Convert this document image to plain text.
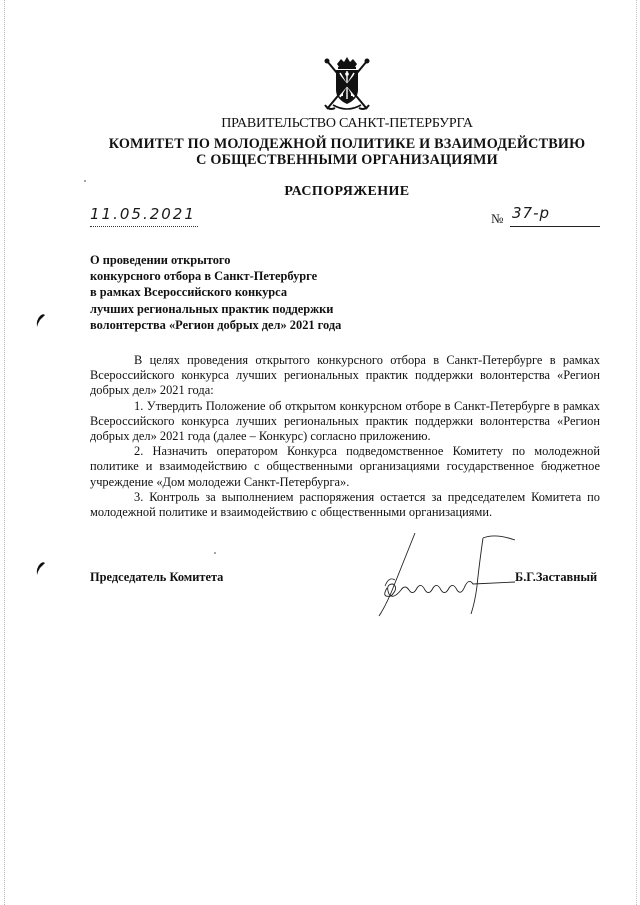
ПРАВИТЕЛЬСТВО САНКТ-ПЕТЕРБУРГА
КОМИТЕТ ПО МОЛОДЕЖНОЙ ПОЛИТИКЕ И ВЗАИМОДЕЙСТВИЮ
С ОБЩЕСТВЕННЫМИ ОРГАНИЗАЦИЯМИ
РАСПОРЯЖЕНИЕ
11.05.2021	№ 37-р
О проведении открытого
конкурсного отбора в Санкт-Петербурге
в рамках Всероссийского конкурса
лучших региональных практик поддержки
волонтерства «Регион добрых дел» 2021 года

В целях проведения открытого конкурсного отбора в Санкт-Петербурге в рамках Всероссийского конкурса лучших региональных практик поддержки волонтерства «Регион добрых дел» 2021 года:

1. Утвердить Положение об открытом конкурсном отборе в Санкт-Петербурге в рамках Всероссийского конкурса лучших региональных практик поддержки волонтерства «Регион добрых дел» 2021 года (далее – Конкурс) согласно приложению.

2. Назначить оператором Конкурса подведомственное Комитету по молодежной политике и взаимодействию с общественными организациями государственное бюджетное учреждение «Дом молодежи Санкт-Петербурга».

3. Контроль за выполнением распоряжения остается за председателем Комитета по молодежной политике и взаимодействию с общественными организациями.

Председатель Комитета	Б.Г.Заставный
